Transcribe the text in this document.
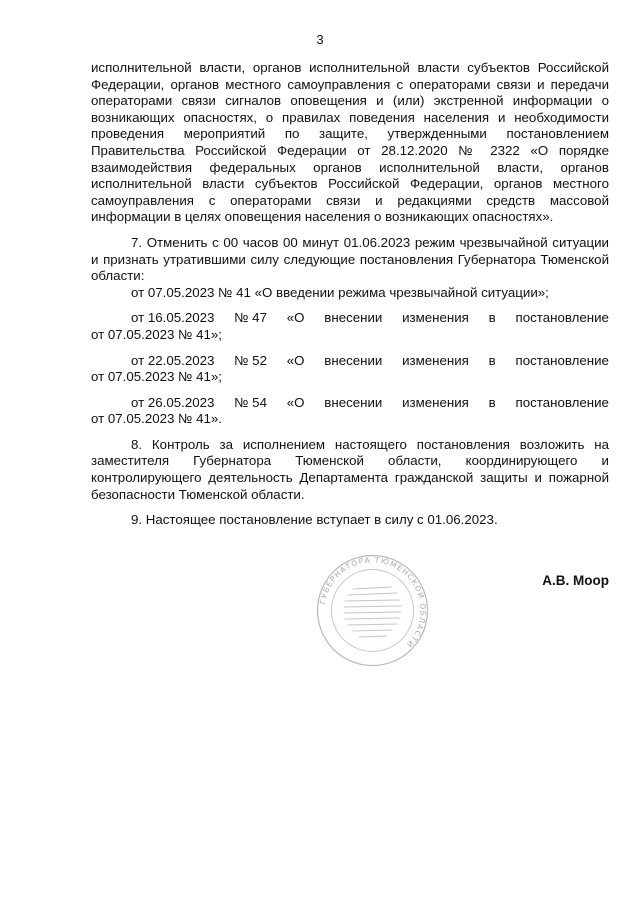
3

исполнительной власти, органов исполнительной власти субъектов Российской Федерации, органов местного самоуправления с операторами связи и передачи операторами связи сигналов оповещения и (или) экстренной информации о возникающих опасностях, о правилах поведения населения и необходимости проведения мероприятий по защите, утвержденными постановлением Правительства Российской Федерации от 28.12.2020 № 2322 «О порядке взаимодействия федеральных органов исполнительной власти, органов исполнительной власти субъектов Российской Федерации, органов местного самоуправления с операторами связи и редакциями средств массовой информации в целях оповещения населения о возникающих опасностях».

7. Отменить с 00 часов 00 минут 01.06.2023 режим чрезвычайной ситуации и признать утратившими силу следующие постановления Губернатора Тюменской области:

от 07.05.2023 № 41 «О введении режима чрезвычайной ситуации»;

от 16.05.2023 № 47 «О внесении изменения в постановление

от 07.05.2023 № 41»;

от 22.05.2023 № 52 «О внесении изменения в постановление

от 07.05.2023 № 41»;

от 26.05.2023 № 54 «О внесении изменения в постановление

от 07.05.2023 № 41».

8. Контроль за исполнением настоящего постановления возложить на заместителя Губернатора Тюменской области, координирующего и контролирующего деятельность Департамента гражданской защиты и пожарной безопасности Тюменской области.

9. Настоящее постановление вступает в силу с 01.06.2023.

ГУБЕРНАТОРА ТЮМЕНСКОЙ ОБЛАСТИ
А.В. Моор
